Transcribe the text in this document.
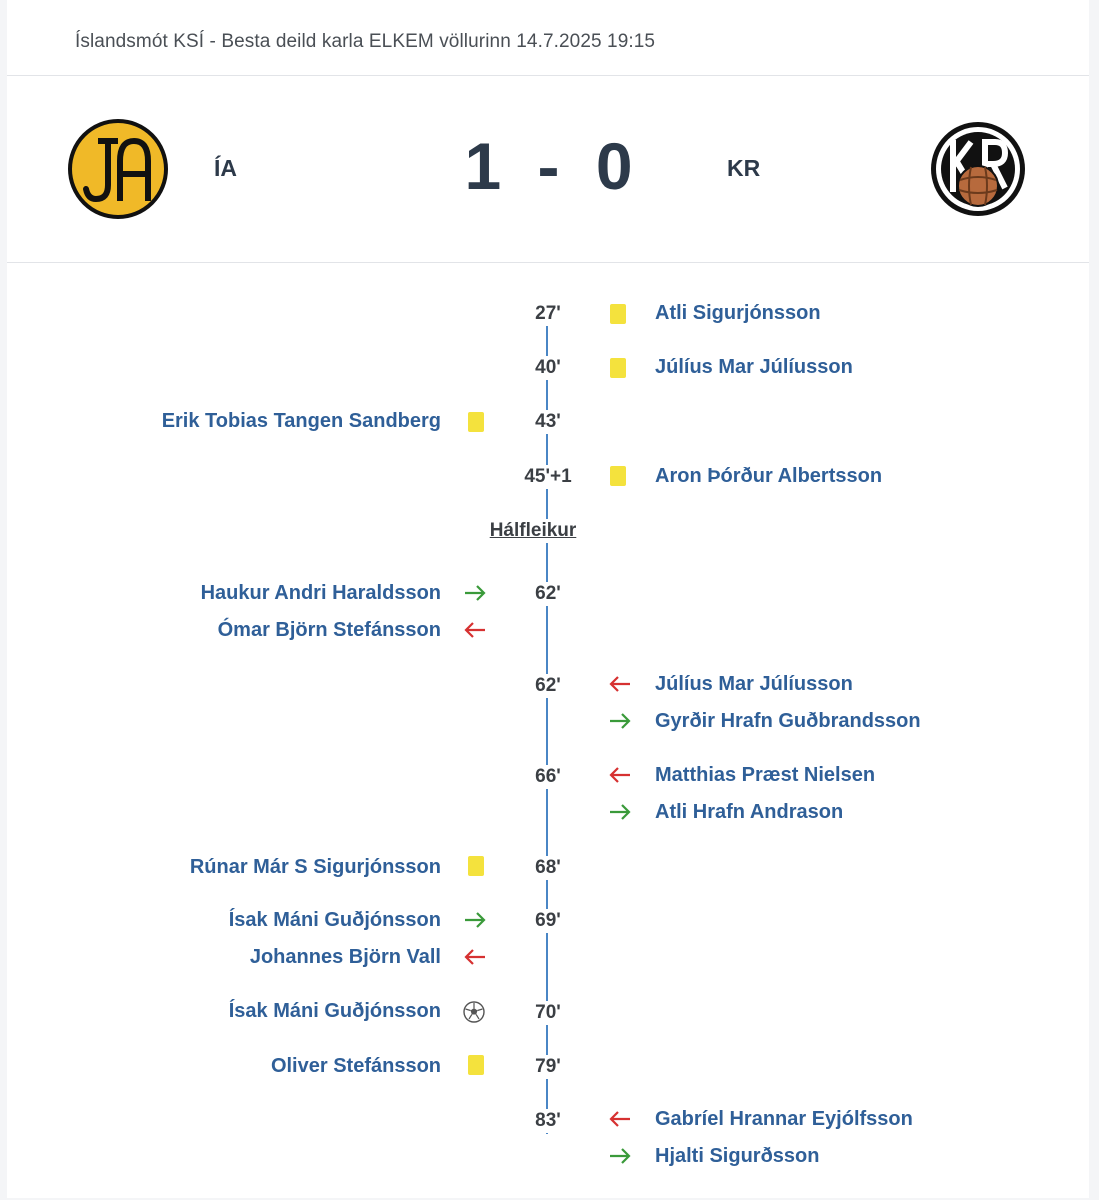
Íslandsmót KSÍ - Besta deild karla ELKEM völlurinn 14.7.2025 19:15
ÍA	1 - 0	KR
27'	Atli Sigurjónsson
40'	Júlíus Mar Júlíusson
Erik Tobias Tangen Sandberg	43'
45'+1	Aron Þórður Albertsson
Hálfleikur
Haukur Andri Haraldsson	62'
Ómar Björn Stefánsson
62'	Júlíus Mar Júlíusson
Gyrðir Hrafn Guðbrandsson
66'	Matthias Præst Nielsen
Atli Hrafn Andrason
Rúnar Már S Sigurjónsson	68'
Ísak Máni Guðjónsson	69'
Johannes Björn Vall
Ísak Máni Guðjónsson	70'
Oliver Stefánsson	79'
83'	Gabríel Hrannar Eyjólfsson
Hjalti Sigurðsson
